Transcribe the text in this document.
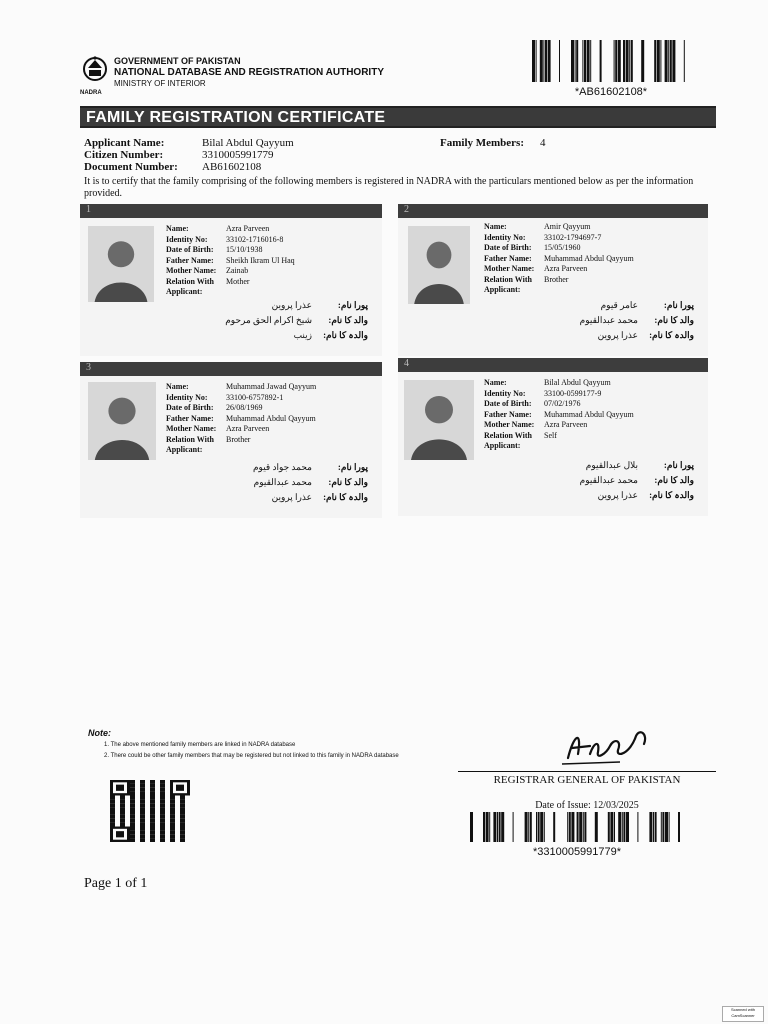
NADRA
GOVERNMENT OF PAKISTAN
NATIONAL DATABASE AND REGISTRATION AUTHORITY
MINISTRY OF INTERIOR
*AB61602108*
FAMILY REGISTRATION CERTIFICATE
Applicant Name:	Bilal Abdul Qayyum
Citizen Number:	3310005991779
Document Number:	AB61602108
Family Members: 4
It is to certify that the family comprising of the following members is registered in NADRA with the particulars mentioned below as per the information provided.
1
Name:	Azra Parveen
Identity No:	33102-1716016-8
Date of Birth:	15/10/1938
Father Name:	Sheikh Ikram Ul Haq
Mother Name:	Zainab
Relation With Applicant:
Mother
پورا نام:
عذرا پروین
والد کا نام:
شیخ اکرام الحق مرحوم
والدہ کا نام:
زینب
2
Name:	Amir Qayyum
Identity No:	33102-1794697-7
Date of Birth:	15/05/1960
Father Name:	Muhammad Abdul Qayyum
Mother Name:	Azra Parveen
Relation With Applicant:
Brother
پورا نام:
عامر قیوم
والد کا نام:
محمد عبدالقیوم
والدہ کا نام:
عذرا پروین
3
Name:	Muhammad Jawad Qayyum
Identity No:	33100-6757892-1
Date of Birth:	26/08/1969
Father Name:	Muhammad Abdul Qayyum
Mother Name:	Azra Parveen
Relation With Applicant:
Brother
پورا نام:
محمد جواد قیوم
والد کا نام:
محمد عبدالقیوم
والدہ کا نام:
عذرا پروین
4
Name:	Bilal Abdul Qayyum
Identity No:	33100-0599177-9
Date of Birth:	07/02/1976
Father Name:	Muhammad Abdul Qayyum
Mother Name:	Azra Parveen
Relation With Applicant:
Self
پورا نام:
بلال عبدالقیوم
والد کا نام:
محمد عبدالقیوم
والدہ کا نام:
عذرا پروین
Note:
1. The above mentioned family members are linked in NADRA database
2. There could be other family members that may be registered but not linked to this family in NADRA database
REGISTRAR GENERAL OF PAKISTAN
Date of Issue: 12/03/2025
*3310005991779*
Page 1 of 1
Scanned with CamScanner
